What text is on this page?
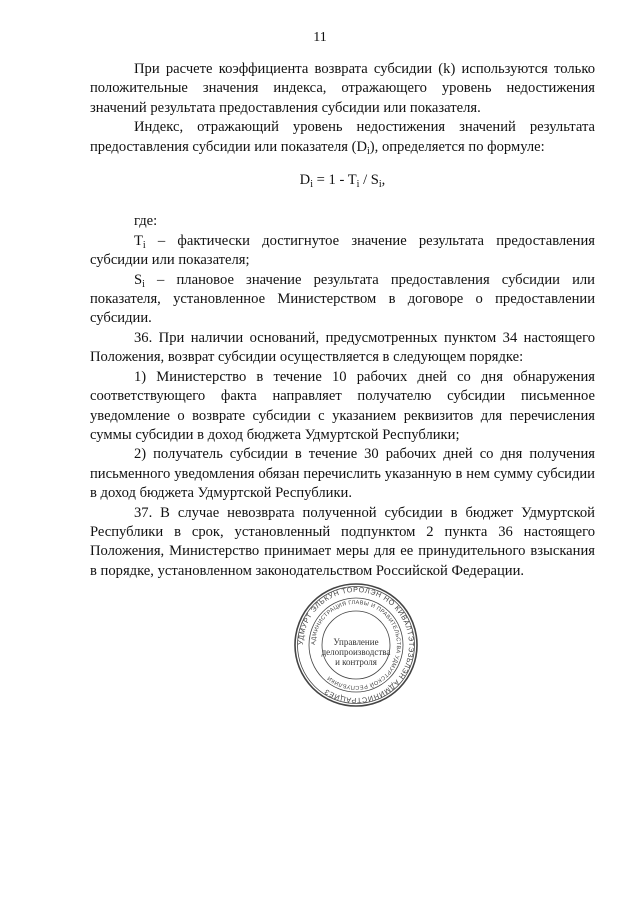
11

При расчете коэффициента возврата субсидии (k) используются только положительные значения индекса, отражающего уровень недостижения значений результата предоставления субсидии или показателя.

Индекс, отражающий уровень недостижения значений результата предоставления субсидии или показателя $(D_i)$, определяется по формуле:

$D_i = 1 - T_i / S_i$,

где:

$T_i$ – фактически достигнутое значение результата предоставления субсидии или показателя;

$S_i$ – плановое значение результата предоставления субсидии или показателя, установленное Министерством в договоре о предоставлении субсидии.

36. При наличии оснований, предусмотренных пунктом 34 настоящего Положения, возврат субсидии осуществляется в следующем порядке:

1) Министерство в течение 10 рабочих дней со дня обнаружения соответствующего факта направляет получателю субсидии письменное уведомление о возврате субсидии с указанием реквизитов для перечисления суммы субсидии в доход бюджета Удмуртской Республики;

2) получатель субсидии в течение 30 рабочих дней со дня получения письменного уведомления обязан перечислить указанную в нем сумму субсидии в доход бюджета Удмуртской Республики.

37. В случае невозврата полученной субсидии в бюджет Удмуртской Республики в срок, установленный подпунктом 2 пункта 36 настоящего Положения, Министерство принимает меры для ее принудительного взыскания в порядке, установленном законодательством Российской Федерации.

УДМУРТ ЭЛЬКУН ТОРОЛЭН НО КИВАЛТЭТЭЗЬЛЭН АДМИНИСТРАЦИЕЗ
АДМИНИСТРАЦИЯ ГЛАВЫ И ПРАВИТЕЛЬСТВА УДМУРТСКОЙ РЕСПУБЛИКИ
Управление
делопроизводства
и контроля
